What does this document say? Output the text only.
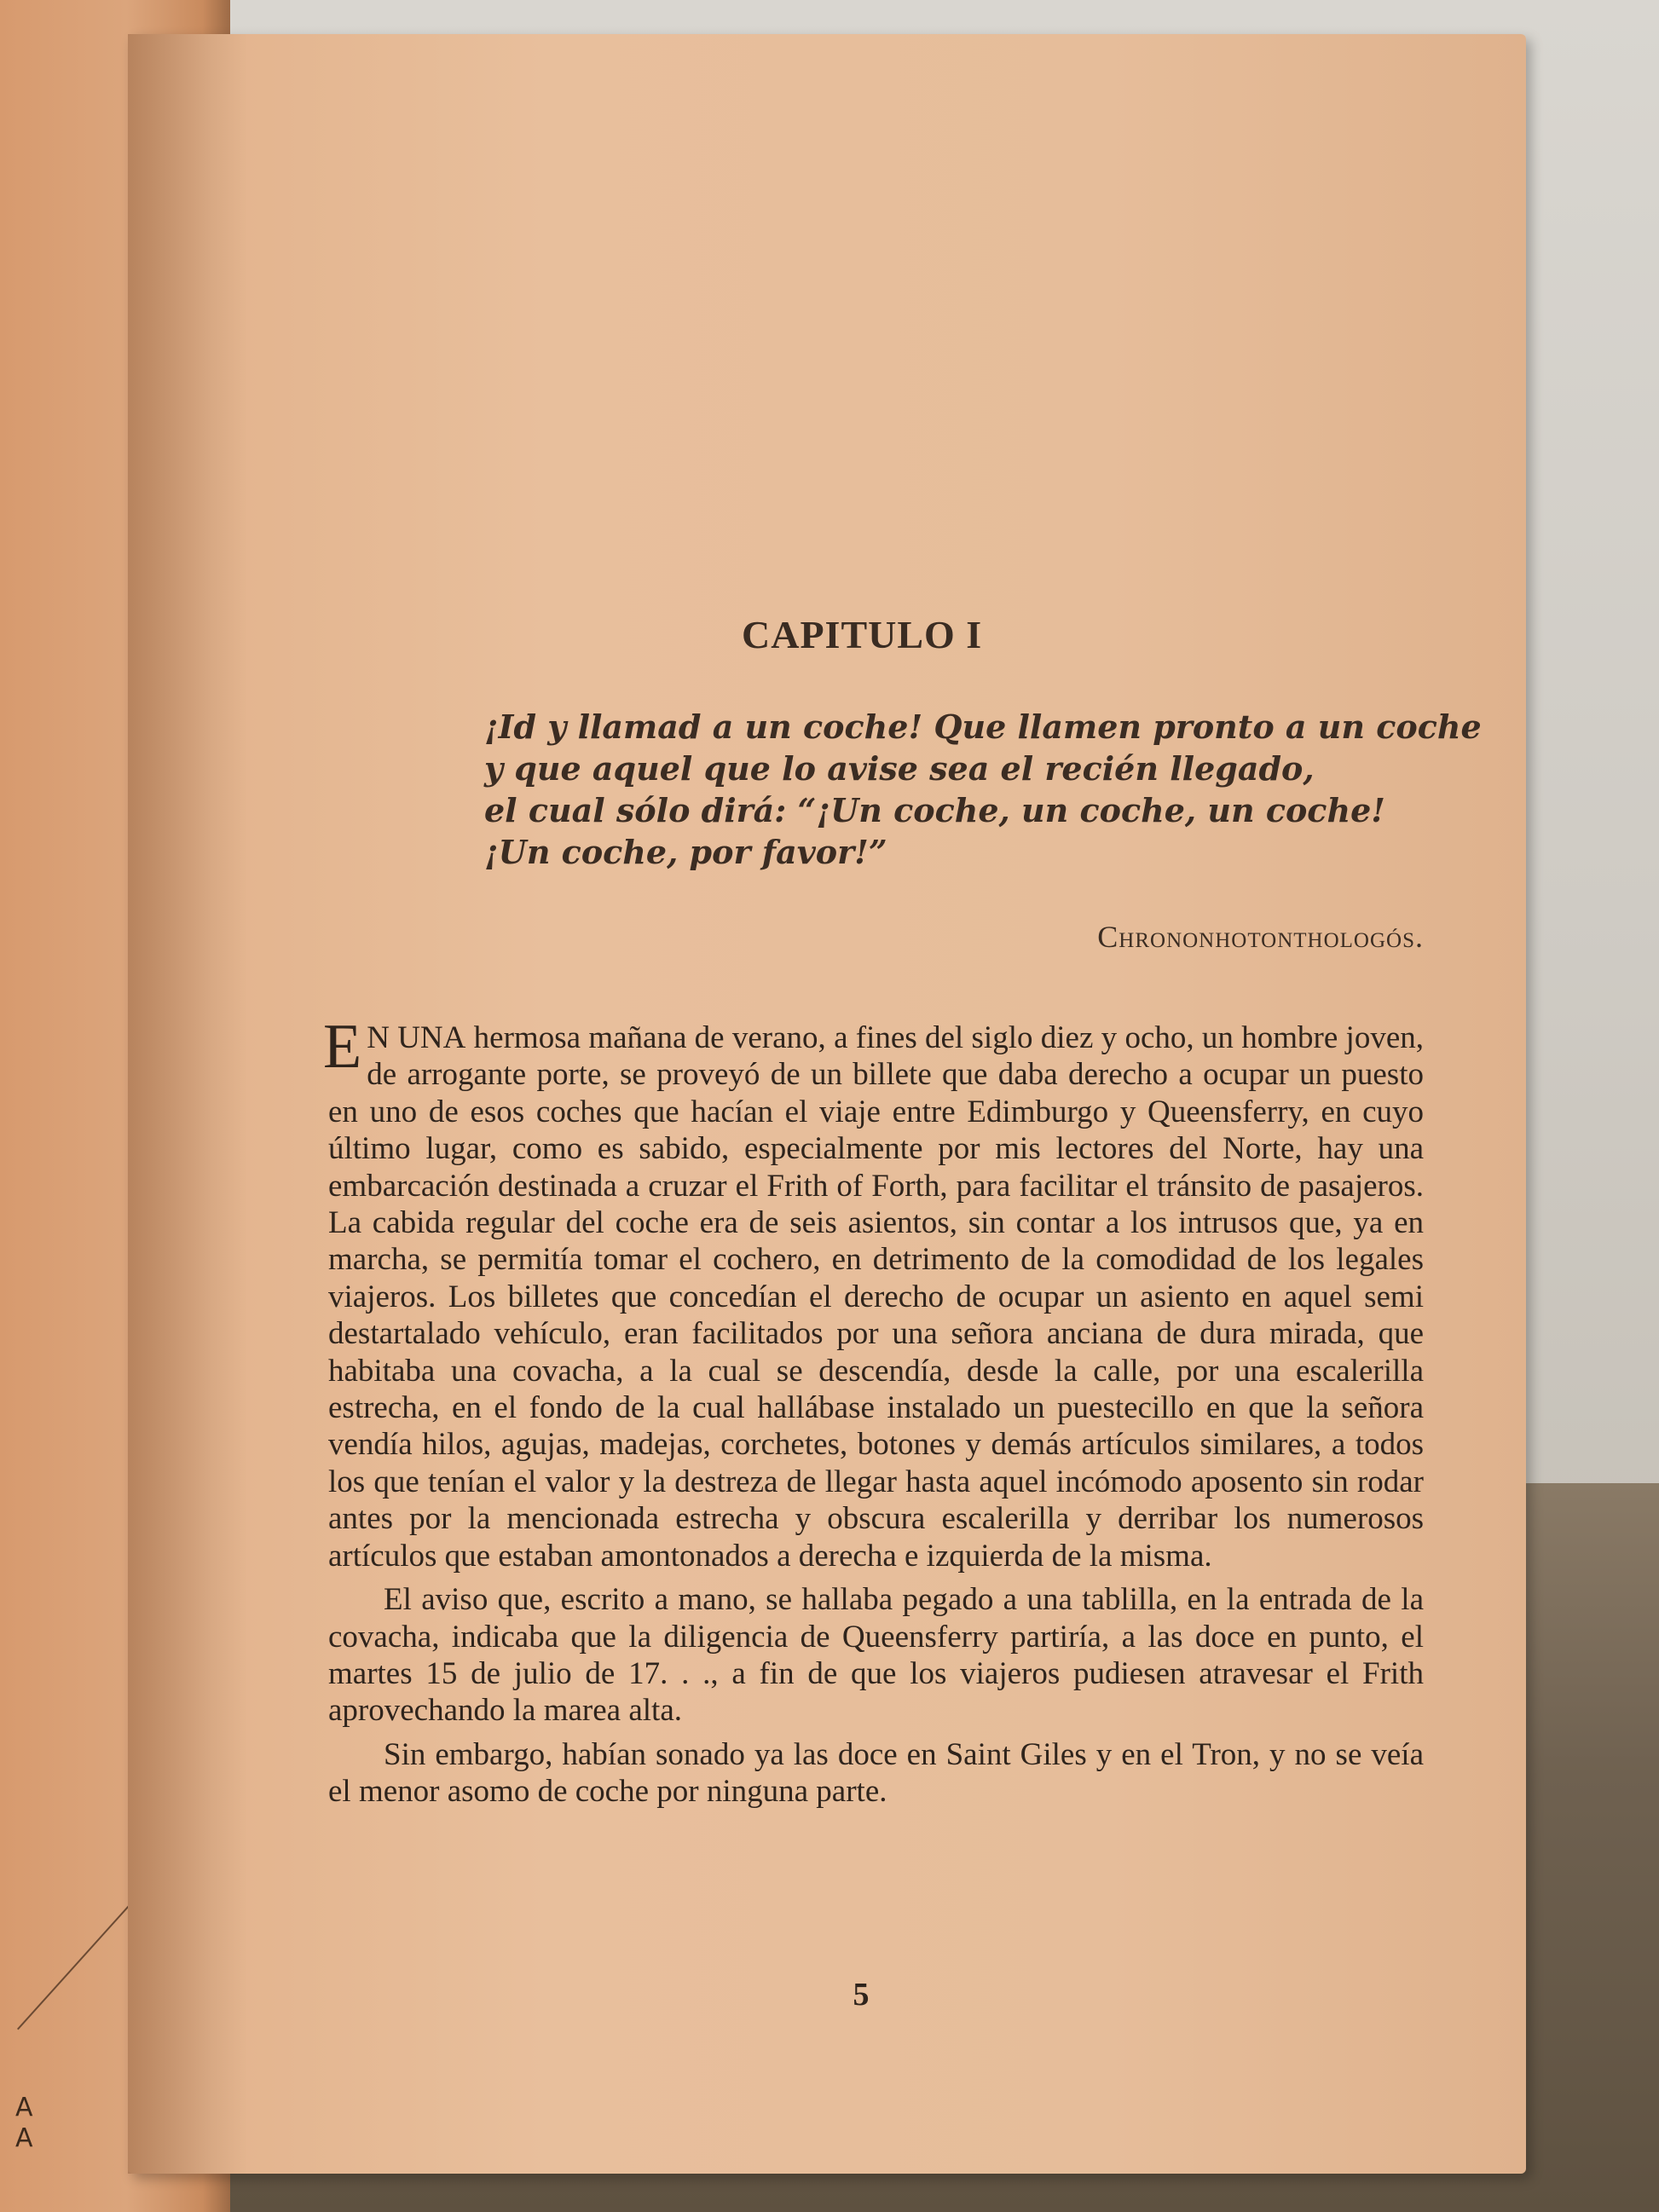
A
A
CAPITULO I
¡Id y llamad a un coche! Que llamen pronto a un coche
y que aquel que lo avise sea el recién llegado,
el cual sólo dirá: “¡Un coche, un coche, un coche!
¡Un coche, por favor!”
Chrononhotonthologós.

E N UNA hermosa mañana de verano, a fines del siglo diez y ocho, un hombre joven, de arrogante porte, se proveyó de un billete que daba derecho a ocupar un puesto en uno de esos coches que hacían el viaje entre Edimburgo y Queensferry, en cuyo último lugar, como es sabido, especialmente por mis lectores del Norte, hay una embarcación destinada a cruzar el Frith of Forth, para facilitar el tránsito de pasajeros. La cabida regular del coche era de seis asientos, sin contar a los intrusos que, ya en marcha, se permitía tomar el cochero, en detrimento de la comodidad de los legales viajeros. Los billetes que concedían el derecho de ocupar un asiento en aquel semi destartalado vehículo, eran facilitados por una señora anciana de dura mirada, que habitaba una covacha, a la cual se descendía, desde la calle, por una escalerilla estrecha, en el fondo de la cual hallábase instalado un puestecillo en que la señora vendía hilos, agujas, madejas, corchetes, botones y demás artículos similares, a todos los que tenían el valor y la destreza de llegar hasta aquel incómodo aposento sin rodar antes por la mencionada estrecha y obscura escalerilla y derribar los numerosos artículos que estaban amontonados a derecha e izquierda de la misma.

El aviso que, escrito a mano, se hallaba pegado a una tablilla, en la entrada de la covacha, indicaba que la diligencia de Queensferry partiría, a las doce en punto, el martes 15 de julio de 17. . ., a fin de que los viajeros pudiesen atravesar el Frith aprovechando la marea alta.

Sin embargo, habían sonado ya las doce en Saint Giles y en el Tron, y no se veía el menor asomo de coche por ninguna parte.

5
